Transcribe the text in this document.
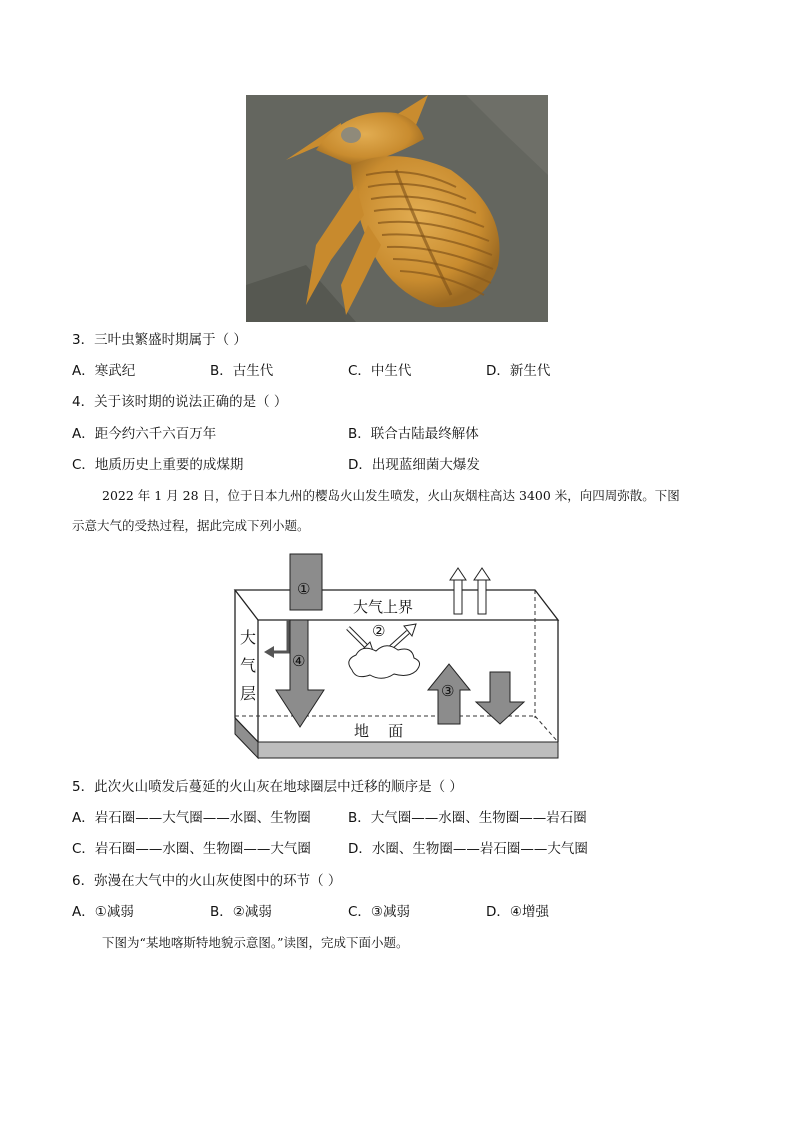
3．三叶虫繁盛时期属于（ ）
A．寒武纪	B．古生代	C．中生代	D．新生代
4．关于该时期的说法正确的是（ ）
A．距今约六千六百万年	B．联合古陆最终解体
C．地质历史上重要的成煤期	D．出现蓝细菌大爆发
2022 年 1 月 28 日，位于日本九州的樱岛火山发生喷发，火山灰烟柱高达 3400 米，向四周弥散。下图
示意大气的受热过程，据此完成下列小题。
大气上界
大
气
层
地    面
①
②
③
④
5．此次火山喷发后蔓延的火山灰在地球圈层中迁移的顺序是（ ）
A．岩石圈——大气圈——水圈、生物圈	B．大气圈——水圈、生物圈——岩石圈
C．岩石圈——水圈、生物圈——大气圈	D．水圈、生物圈——岩石圈——大气圈
6．弥漫在大气中的火山灰使图中的环节（ ）
A．①减弱	B．②减弱	C．③减弱	D．④增强
下图为“某地喀斯特地貌示意图。”读图，完成下面小题。
